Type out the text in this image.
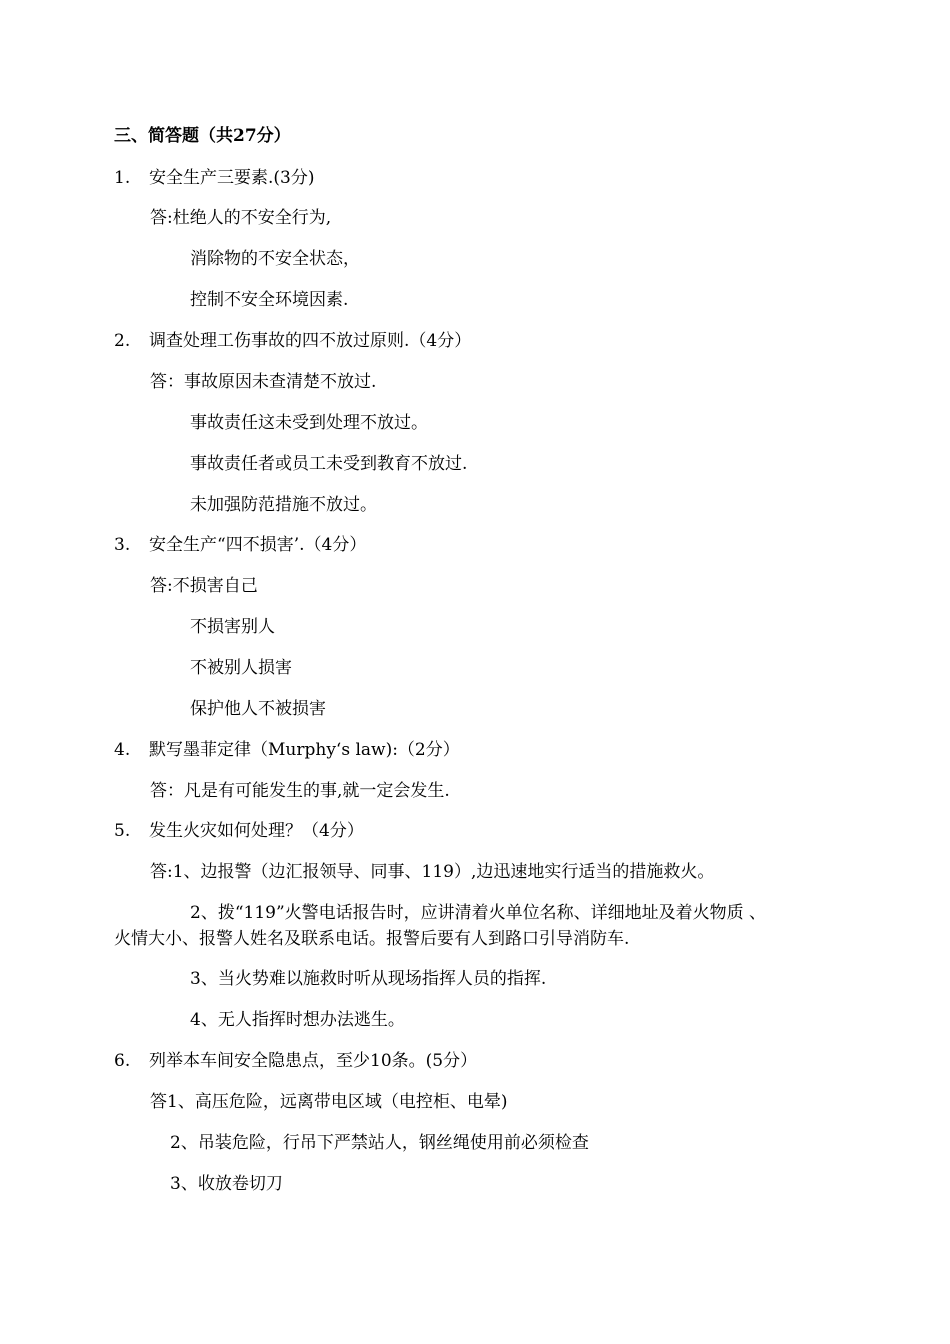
三、简答题（共27分）
1. 安全生产三要素.(3分)
答:杜绝人的不安全行为,
消除物的不安全状态，
控制不安全环境因素.
2. 调查处理工伤事故的四不放过原则.（4分）
答：事故原因未查清楚不放过.
事故责任这未受到处理不放过。
事故责任者或员工未受到教育不放过.
未加强防范措施不放过。
3. 安全生产“四不损害’.（4分）
答:不损害自己
不损害别人
不被别人损害
保护他人不被损害
4. 默写墨菲定律（Murphy‘s law):（2分）
答：凡是有可能发生的事,就一定会发生.
5. 发生火灾如何处理？（4分）
答:1、边报警（边汇报领导、同事、119）,边迅速地实行适当的措施救火。
2、拨“119”火警电话报告时，应讲清着火单位名称、详细地址及着火物质 、
火情大小、报警人姓名及联系电话。报警后要有人到路口引导消防车.
3、当火势难以施救时听从现场指挥人员的指挥.
4、无人指挥时想办法逃生。
6. 列举本车间安全隐患点，至少10条。(5分）
答1、高压危险，远离带电区域（电控柜、电晕)
2、吊装危险，行吊下严禁站人，钢丝绳使用前必须检查
3、收放卷切刀
